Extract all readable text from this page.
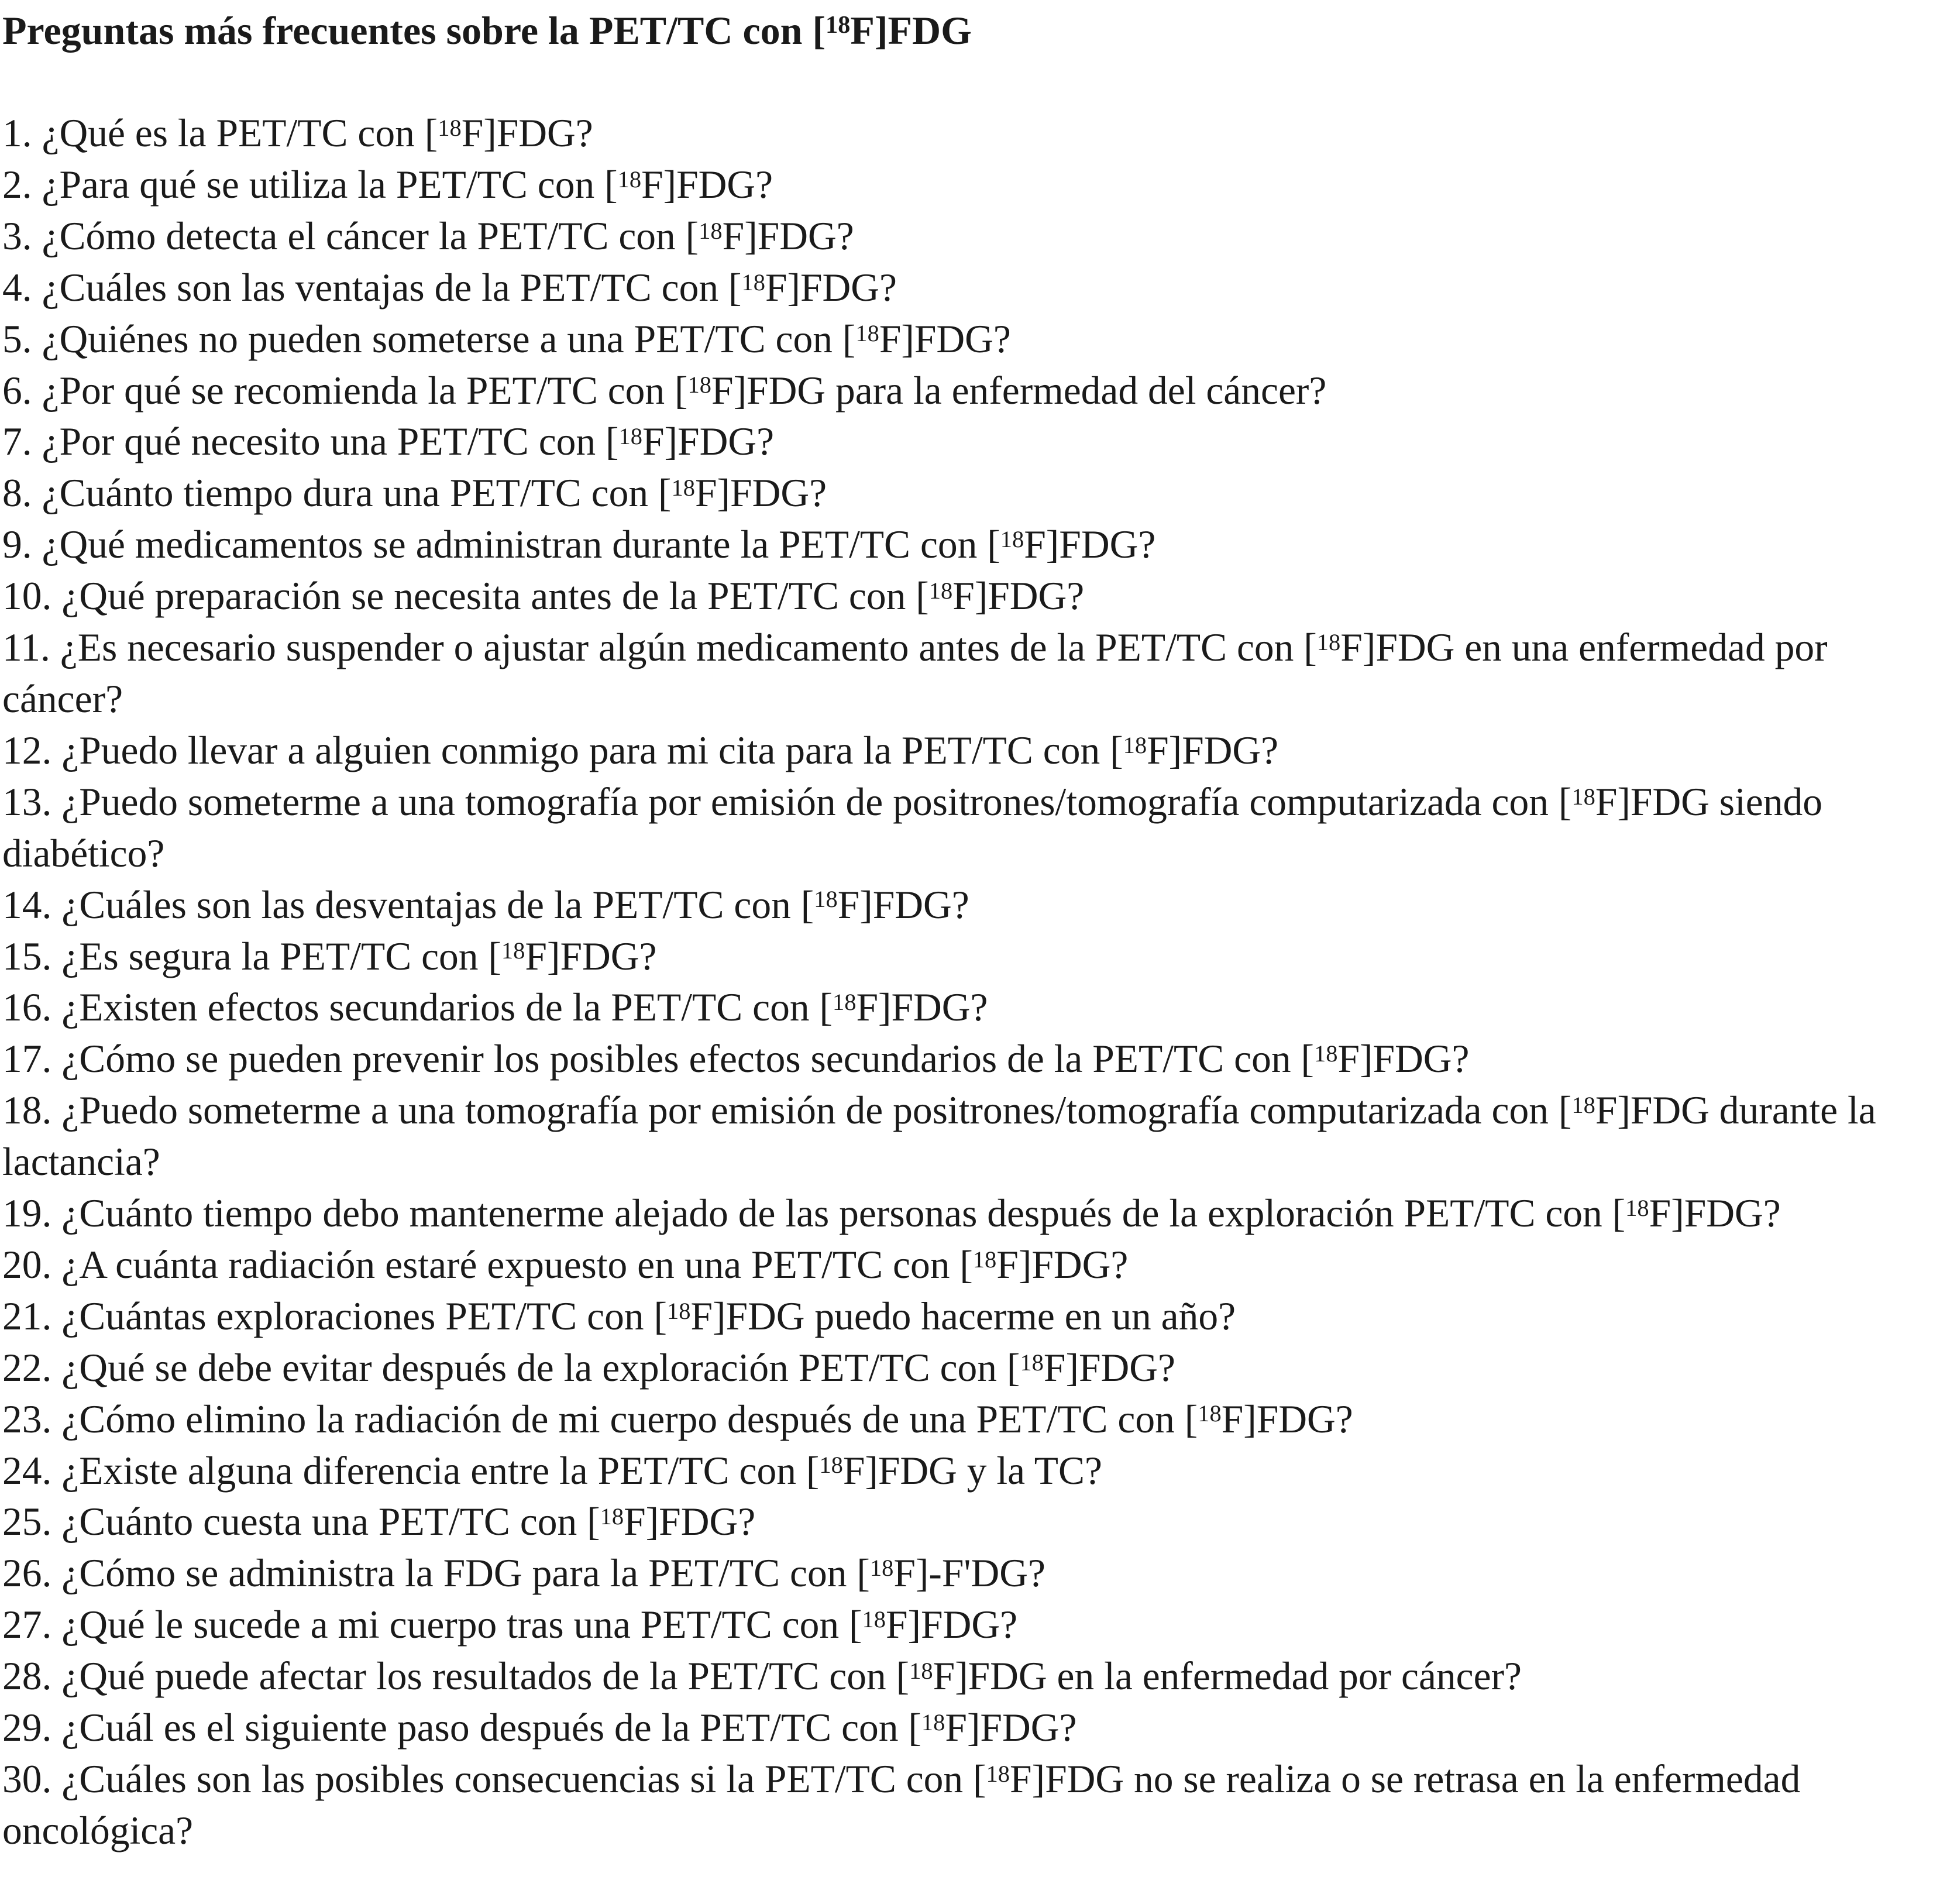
Preguntas más frecuentes sobre la PET/TC con [$^{18}$F]FDG
1. ¿Qué es la PET/TC con [$^{18}$F]FDG?
2. ¿Para qué se utiliza la PET/TC con [$^{18}$F]FDG?
3. ¿Cómo detecta el cáncer la PET/TC con [$^{18}$F]FDG?
4. ¿Cuáles son las ventajas de la PET/TC con [$^{18}$F]FDG?
5. ¿Quiénes no pueden someterse a una PET/TC con [$^{18}$F]FDG?
6. ¿Por qué se recomienda la PET/TC con [$^{18}$F]FDG para la enfermedad del cáncer?
7. ¿Por qué necesito una PET/TC con [$^{18}$F]FDG?
8. ¿Cuánto tiempo dura una PET/TC con [$^{18}$F]FDG?
9. ¿Qué medicamentos se administran durante la PET/TC con [$^{18}$F]FDG?
10. ¿Qué preparación se necesita antes de la PET/TC con [$^{18}$F]FDG?
11. ¿Es necesario suspender o ajustar algún medicamento antes de la PET/TC con [$^{18}$F]FDG en una enfermedad por cáncer?
12. ¿Puedo llevar a alguien conmigo para mi cita para la PET/TC con [$^{18}$F]FDG?
13. ¿Puedo someterme a una tomografía por emisión de positrones/tomografía computarizada con [$^{18}$F]FDG siendo diabético?
14. ¿Cuáles son las desventajas de la PET/TC con [$^{18}$F]FDG?
15. ¿Es segura la PET/TC con [$^{18}$F]FDG?
16. ¿Existen efectos secundarios de la PET/TC con [$^{18}$F]FDG?
17. ¿Cómo se pueden prevenir los posibles efectos secundarios de la PET/TC con [$^{18}$F]FDG?
18. ¿Puedo someterme a una tomografía por emisión de positrones/tomografía computarizada con [$^{18}$F]FDG durante la lactancia?
19. ¿Cuánto tiempo debo mantenerme alejado de las personas después de la exploración PET/TC con [$^{18}$F]FDG?
20. ¿A cuánta radiación estaré expuesto en una PET/TC con [$^{18}$F]FDG?
21. ¿Cuántas exploraciones PET/TC con [$^{18}$F]FDG puedo hacerme en un año?
22. ¿Qué se debe evitar después de la exploración PET/TC con [$^{18}$F]FDG?
23. ¿Cómo elimino la radiación de mi cuerpo después de una PET/TC con [$^{18}$F]FDG?
24. ¿Existe alguna diferencia entre la PET/TC con [$^{18}$F]FDG y la TC?
25. ¿Cuánto cuesta una PET/TC con [$^{18}$F]FDG?
26. ¿Cómo se administra la FDG para la PET/TC con [$^{18}$F]-F'DG?
27. ¿Qué le sucede a mi cuerpo tras una PET/TC con [$^{18}$F]FDG?
28. ¿Qué puede afectar los resultados de la PET/TC con [$^{18}$F]FDG en la enfermedad por cáncer?
29. ¿Cuál es el siguiente paso después de la PET/TC con [$^{18}$F]FDG?
30. ¿Cuáles son las posibles consecuencias si la PET/TC con [$^{18}$F]FDG no se realiza o se retrasa en la enfermedad oncológica?
